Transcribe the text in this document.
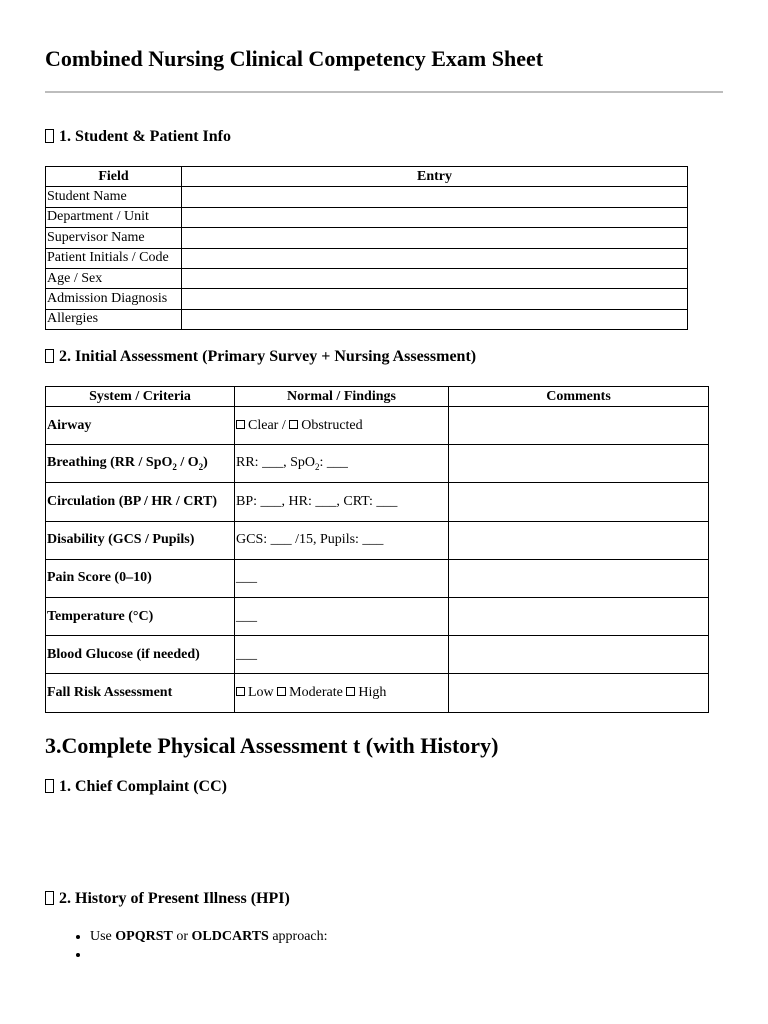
Combined Nursing Clinical Competency Exam Sheet
1. Student & Patient Info
Field	Entry
Student Name	
Department / Unit	
Supervisor Name	
Patient Initials / Code	
Age / Sex	
Admission Diagnosis	
Allergies	
2. Initial Assessment (Primary Survey + Nursing Assessment)
System / Criteria	Normal / Findings	Comments
Airway	Clear / Obstructed	
Breathing $(RR / SpO_2 / O_2)$	RR: ___, SpO$_2$: ___	
Circulation (BP / HR / CRT)	BP: ___, HR: ___, CRT: ___	
Disability (GCS / Pupils)	GCS: ___ /15, Pupils: ___	
Pain Score (0–10)	___	
Temperature (°C)	___	
Blood Glucose (if needed)	___	
Fall Risk Assessment	Low Moderate High	
3.Complete Physical Assessment t (with History)
1. Chief Complaint (CC)
2. History of Present Illness (HPI)
• Use OPQRST or OLDCARTS approach:
•
